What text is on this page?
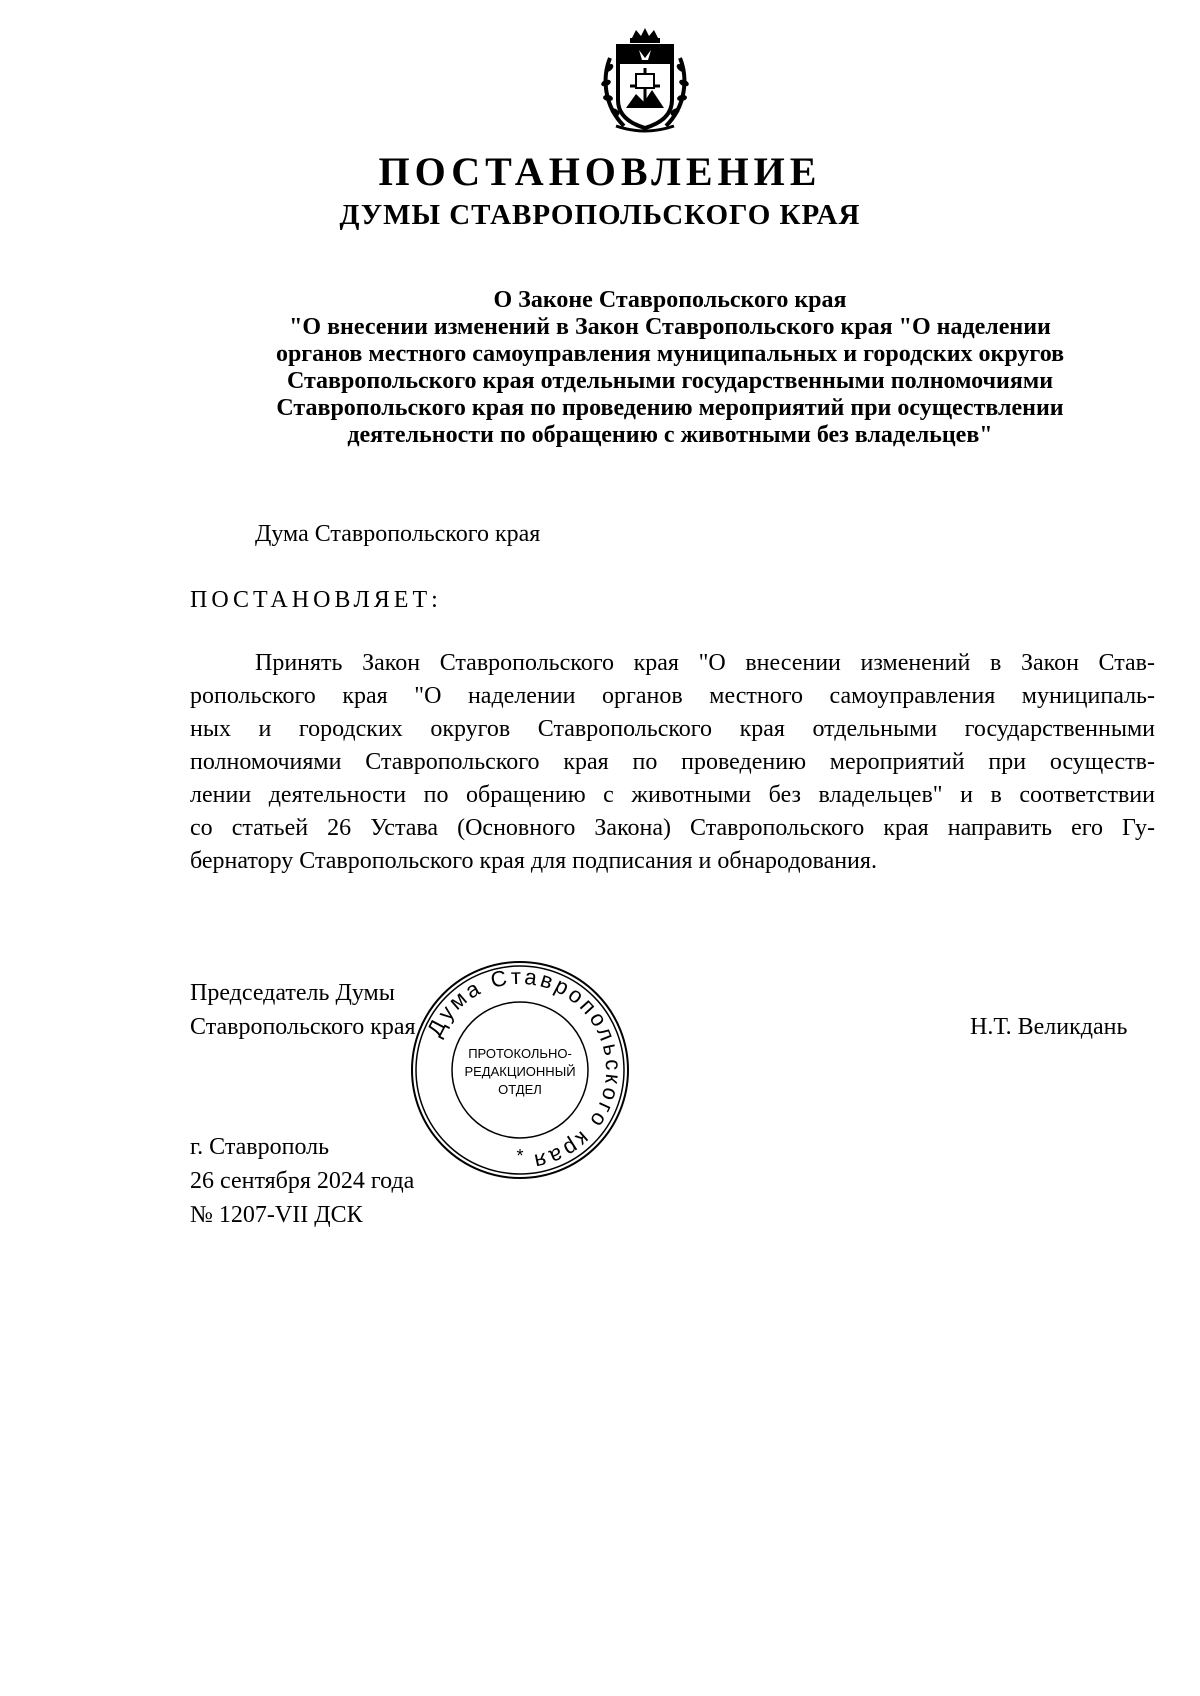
ПОСТАНОВЛЕНИЕ
ДУМЫ СТАВРОПОЛЬСКОГО КРАЯ
О Законе Ставропольского края
"О внесении изменений в Закон Ставропольского края "О наделении
органов местного самоуправления муниципальных и городских округов
Ставропольского края отдельными государственными полномочиями
Ставропольского края по проведению мероприятий при осуществлении
деятельности по обращению с животными без владельцев"
Дума Ставропольского края
ПОСТАНОВЛЯЕТ:
Принять Закон Ставропольского края "О внесении изменений в Закон Став-
ропольского края "О наделении органов местного самоуправления муниципаль-
ных и городских округов Ставропольского края отдельными государственными
полномочиями Ставропольского края по проведению мероприятий при осуществ-
лении деятельности по обращению с животными без владельцев" и в соответствии
со статьей 26 Устава (Основного Закона) Ставропольского края направить его Гу-
бернатору Ставропольского края для подписания и обнародования.
Председатель Думы
Ставропольского края	Н.Т. Великдань
Дума Ставропольского края
ПРОТОКОЛЬНО-
РЕДАКЦИОННЫЙ
ОТДЕЛ
*
г. Ставрополь
26 сентября 2024 года
№ 1207-VII ДСК
